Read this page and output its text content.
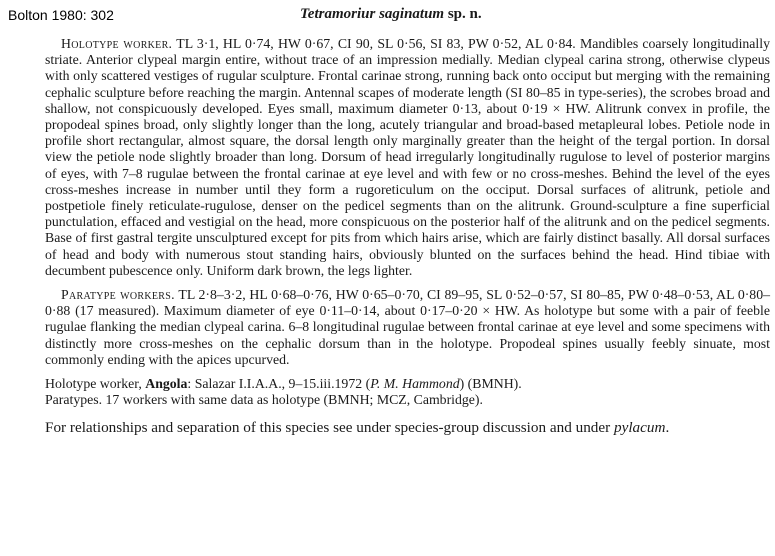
Bolton 1980: 302	Tetramoriur saginatum sp. n.

Holotype worker. TL 3·1, HL 0·74, HW 0·67, CI 90, SL 0·56, SI 83, PW 0·52, AL 0·84. Mandibles coarsely longitudinally striate. Anterior clypeal margin entire, without trace of an impression medially. Median clypeal carina strong, otherwise clypeus with only scattered vestiges of rugular sculpture. Frontal carinae strong, running back onto occiput but merging with the remaining cephalic sculpture before reaching the margin. Antennal scapes of moderate length (SI 80–85 in type-series), the scrobes broad and shallow, not conspicuously developed. Eyes small, maximum diameter 0·13, about 0·19 × HW. Alitrunk convex in profile, the propodeal spines broad, only slightly longer than the long, acutely triangular and broad-based metapleural lobes. Petiole node in profile short rectangular, almost square, the dorsal length only marginally greater than the height of the tergal portion. In dorsal view the petiole node slightly broader than long. Dorsum of head irregularly longitudinally rugulose to level of posterior margins of eyes, with 7–8 rugulae between the frontal carinae at eye level and with few or no cross-meshes. Behind the level of the eyes cross-meshes increase in number until they form a rugoreticulum on the occiput. Dorsal surfaces of alitrunk, petiole and postpetiole finely reticulate-rugulose, denser on the pedicel segments than on the alitrunk. Ground-sculpture a fine superficial punctulation, effaced and vestigial on the head, more conspicuous on the posterior half of the alitrunk and on the pedicel segments. Base of first gastral tergite unsculptured except for pits from which hairs arise, which are fairly distinct basally. All dorsal surfaces of head and body with numerous stout standing hairs, obviously blunted on the surfaces behind the head. Hind tibiae with decumbent pubescence only. Uniform dark brown, the legs lighter.

Paratype workers. TL 2·8–3·2, HL 0·68–0·76, HW 0·65–0·70, CI 89–95, SL 0·52–0·57, SI 80–85, PW 0·48–0·53, AL 0·80–0·88 (17 measured). Maximum diameter of eye 0·11–0·14, about 0·17–0·20 × HW. As holotype but some with a pair of feeble rugulae flanking the median clypeal carina. 6–8 longitudinal rugulae between frontal carinae at eye level and some specimens with distinctly more cross-meshes on the cephalic dorsum than in the holotype. Propodeal spines usually feebly sinuate, most commonly ending with the apices upcurved.

Holotype worker, Angola: Salazar I.I.A.A., 9–15.iii.1972 (P. M. Hammond) (BMNH).
Paratypes. 17 workers with same data as holotype (BMNH; MCZ, Cambridge).

For relationships and separation of this species see under species-group discussion and under pylacum.
